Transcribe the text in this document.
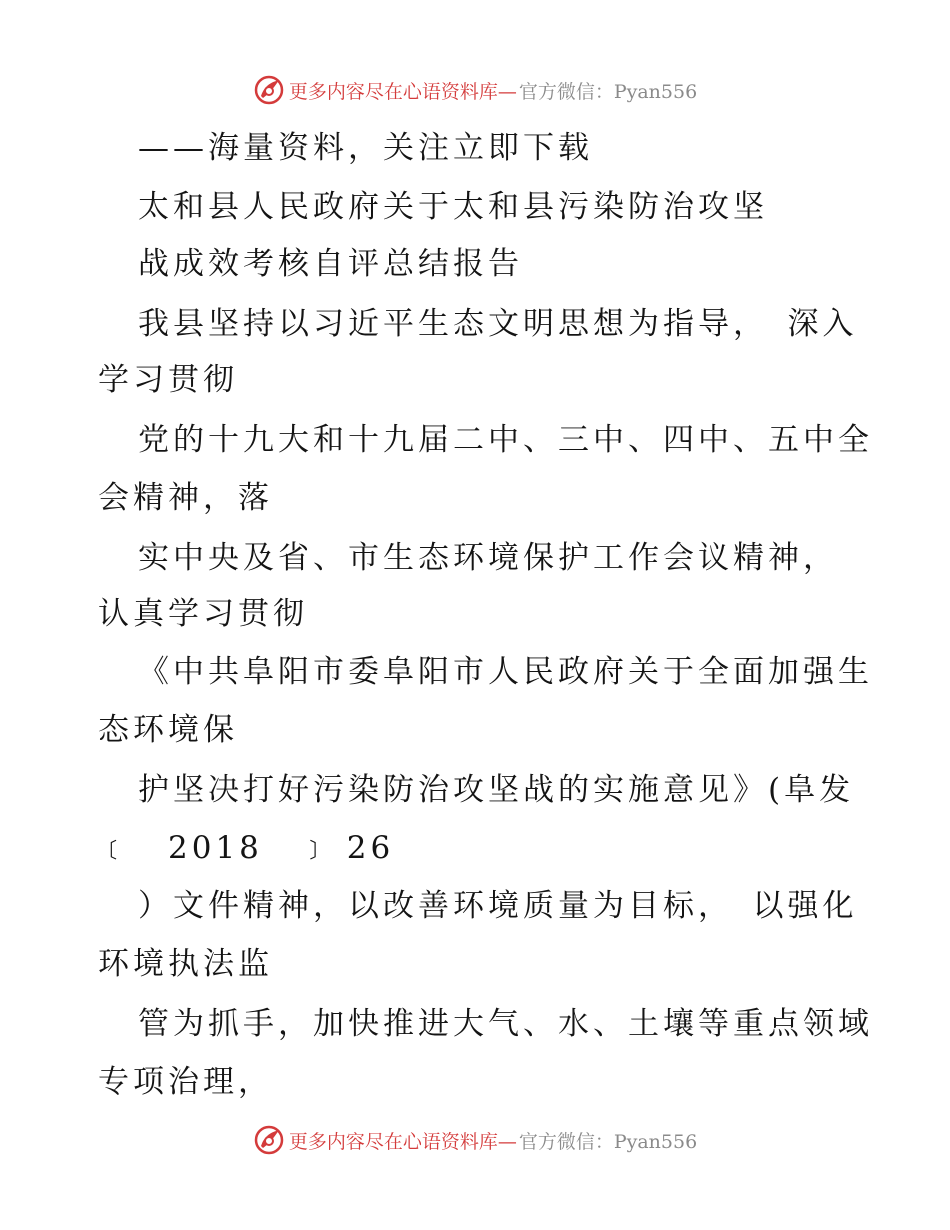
更多内容尽在心语资料库— 官方微信：Pyan556
——海量资料，关注立即下载
太和县人民政府关于太和县污染防治攻坚
战成效考核自评总结报告
我县坚持以习近平生态文明思想为指导，　深入
学习贯彻
党的十九大和十九届二中、三中、四中、五中全
会精神，落
实中央及省、市生态环境保护工作会议精神，
认真学习贯彻
《中共阜阳市委阜阳市人民政府关于全面加强生
态环境保
护坚决打好污染防治攻坚战的实施意见》(阜发
﹝　2018　﹞ 26
）文件精神，以改善环境质量为目标，　以强化
环境执法监
管为抓手，加快推进大气、水、土壤等重点领域
专项治理，
更多内容尽在心语资料库— 官方微信：Pyan556
